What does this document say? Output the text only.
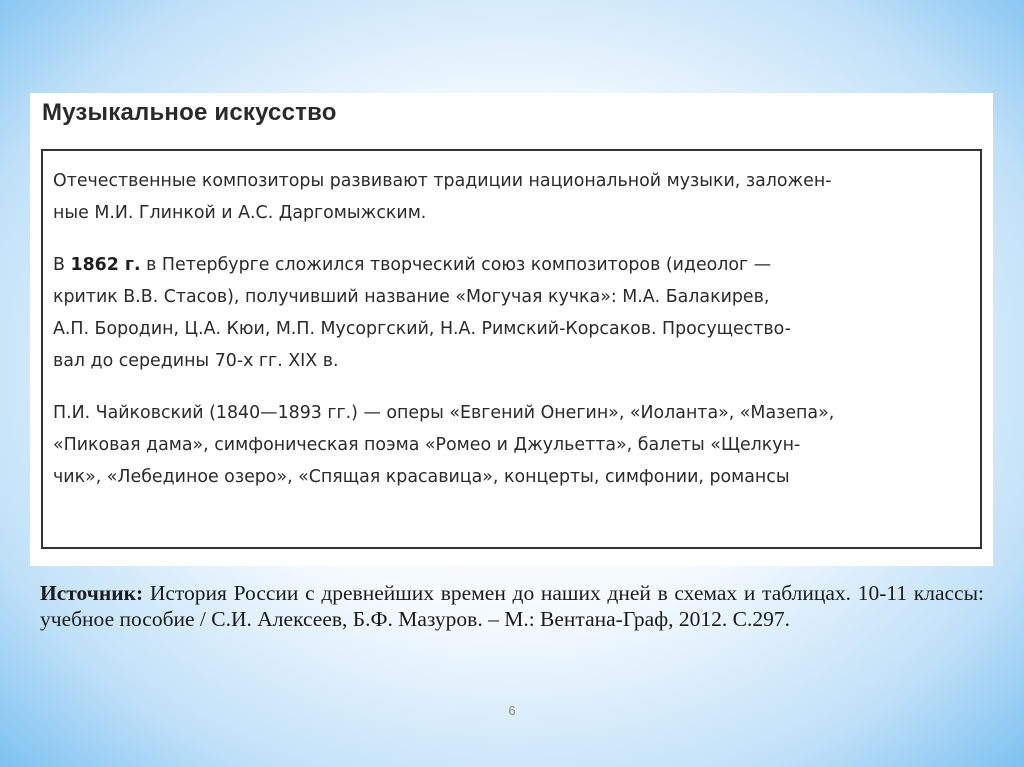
Музыкальное искусство

Отечественные композиторы развивают традиции национальной музыки, заложен-
ные М.И. Глинкой и А.С. Даргомыжским.

В 1862 г. в Петербурге сложился творческий союз композиторов (идеолог —
критик В.В. Стасов), получивший название «Могучая кучка»: М.А. Балакирев,
А.П. Бородин, Ц.А. Кюи, М.П. Мусоргский, Н.А. Римский-Корсаков. Просуществo-
вал до середины 70-х гг. XIX в.

П.И. Чайковский (1840—1893 гг.) — оперы «Евгений Онегин», «Иоланта», «Мазепа»,
«Пиковая дама», симфоническая поэма «Ромео и Джульетта», балеты «Щелкун-
чик», «Лебединое озеро», «Спящая красавица», концерты, симфонии, романсы

Источник: История России с древнейших времен до наших дней в схемах и таблицах. 10-11 классы: учебное пособие / С.И. Алексеев, Б.Ф. Мазуров. – М.: Вентана-Граф, 2012. С.297.

6
